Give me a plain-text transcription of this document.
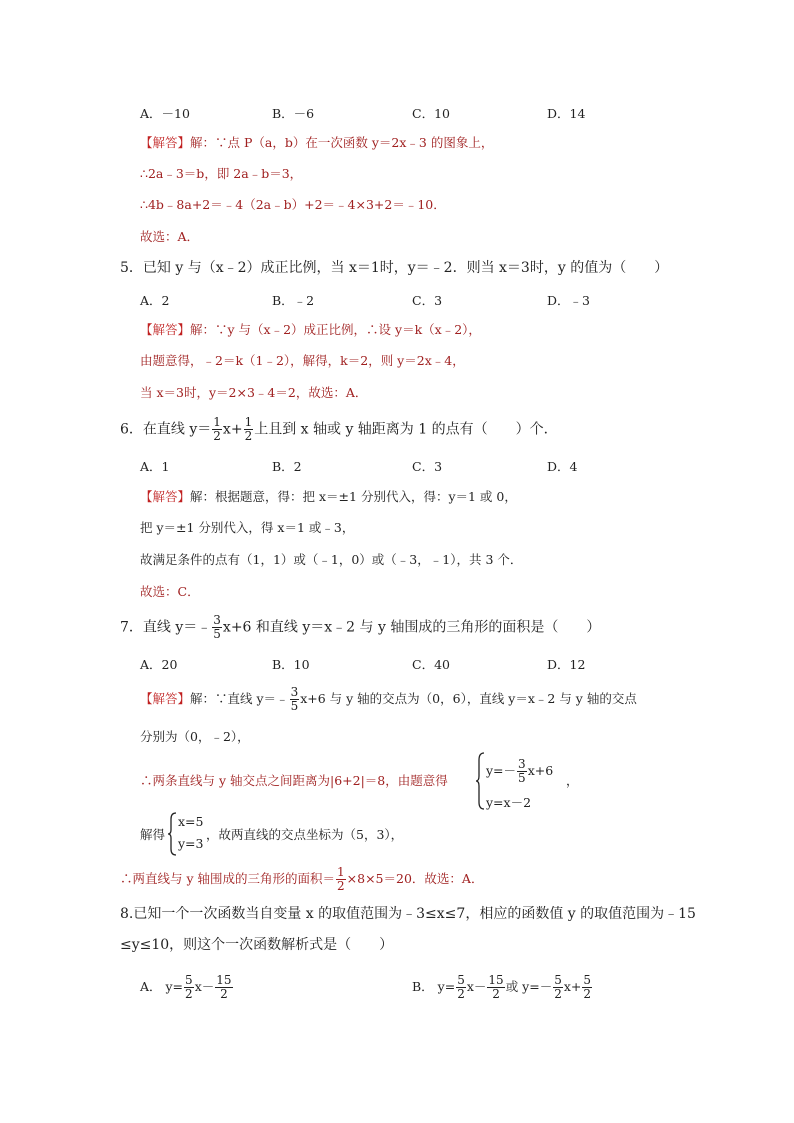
A．－10	B．－6	C．10	D．14
【解答】解：∵点 P（a，b）在一次函数 y＝2x﹣3 的图象上，
∴2a﹣3＝b，即 2a﹣b＝3，
∴4b﹣8a+2＝﹣4（2a﹣b）+2＝﹣4×3+2＝﹣10．
故选：A．
5．已知 y 与（x﹣2）成正比例，当 x＝1时，y＝﹣2．则当 x＝3时，y 的值为（　　）
A．2	B．﹣2	C．3	D．﹣3
【解答】解：∵y 与（x﹣2）成正比例，∴设 y＝k（x﹣2），
由题意得，﹣2＝k（1﹣2），解得，k＝2，则 y＝2x﹣4，
当 x＝3时，y＝2×3﹣4＝2，故选：A．
6．在直线 $y= \frac{1}{2} x+ \frac{1}{2}$ 上且到 x 轴或 y 轴距离为 1 的点有（　　）个．
A．1	B．2	C．3	D．4
【解答】解：根据题意，得：把 x＝±1 分别代入，得：y＝1 或 0，
把 y＝±1 分别代入，得 x＝1 或﹣3，
故满足条件的点有（1，1）或（﹣1，0）或（﹣3，﹣1），共 3 个．
故选：C．
7．直线 y＝﹣ $\frac{3}{5} x+6$ 和直线 y＝x﹣2 与 y 轴围成的三角形的面积是（　　）
A．20	B．10	C．40	D．12
【解答】解：∵直线 y＝﹣ $\frac{3}{5} x+6$ 与 y 轴的交点为（0，6），直线 y＝x﹣2 与 y 轴的交点
分别为（0，﹣2），
∴两条直线与 y 轴交点之间距离为|6+2|＝8，由题意得
$y=- \frac{3}{5} x+6$
y=x－2
，
解得
x=5
y=3
，故两直线的交点坐标为（5，3），
∴两直线与 y 轴围成的三角形的面积＝ $\frac{1}{2} \times 8\times 5=20$．故选：A．
8.已知一个一次函数当自变量 x 的取值范围为﹣3≤x≤7，相应的函数值 y 的取值范围为﹣15
≤y≤10，则这个一次函数解析式是（　　）
A． $y= \frac{5}{2} x- \frac{15}{2}$	B． $y= \frac{5}{2} x- \frac{15}{2}$ 或 $y=- \frac{5}{2} x+ \frac{5}{2}$
